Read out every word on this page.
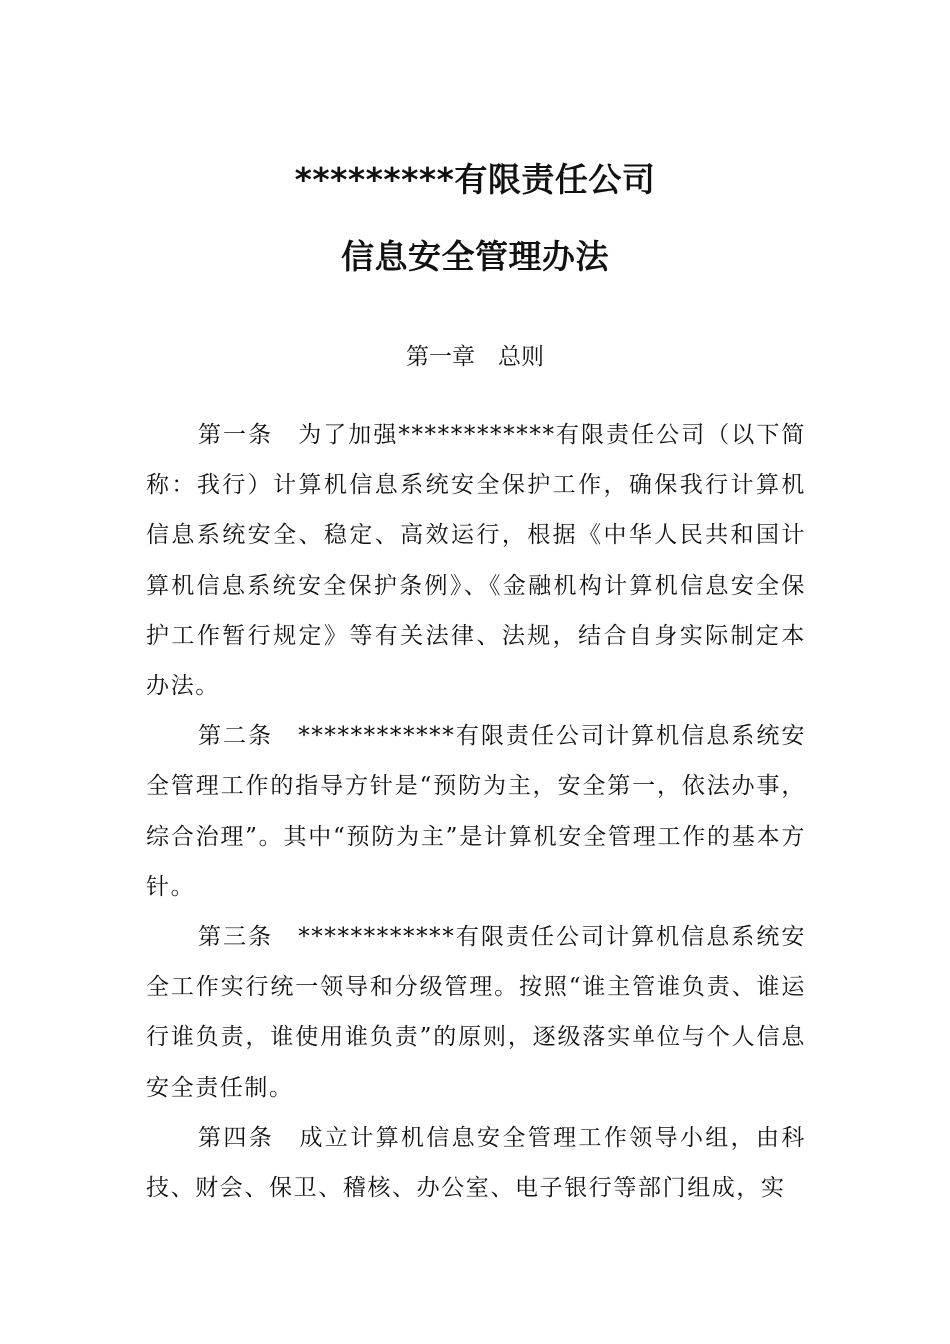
*********有限责任公司
信息安全管理办法
第一章　总则

第一条　为了加强************有限责任公司（以下简称：我行）计算机信息系统安全保护工作，确保我行计算机信息系统安全、稳定、高效运行，根据《中华人民共和国计算机信息系统安全保护条例》、《金融机构计算机信息安全保护工作暂行规定》等有关法律、法规，结合自身实际制定本办法。

第二条　************有限责任公司计算机信息系统安全管理工作的指导方针是“预防为主，安全第一，依法办事，综合治理”。其中“预防为主”是计算机安全管理工作的基本方针。

第三条　************有限责任公司计算机信息系统安全工作实行统一领导和分级管理。按照“谁主管谁负责、谁运行谁负责，谁使用谁负责”的原则，逐级落实单位与个人信息安全责任制。

第四条　成立计算机信息安全管理工作领导小组，由科技、财会、保卫、稽核、办公室、电子银行等部门组成，实
